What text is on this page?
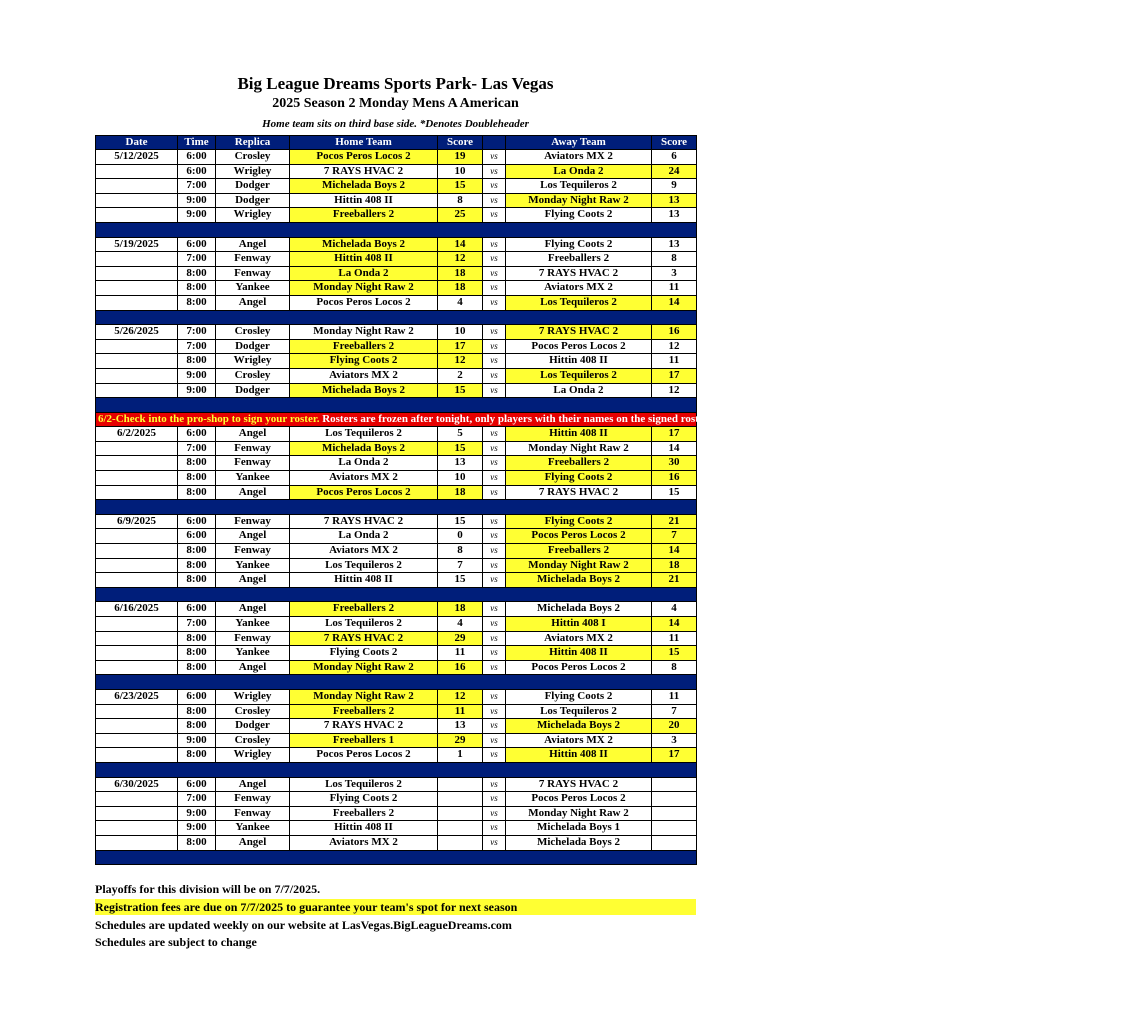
Big League Dreams Sports Park- Las Vegas
2025 Season 2 Monday Mens A American
Home team sits on third base side. *Denotes Doubleheader
Date	Time	Replica	Home Team	Score		Away Team	Score
5/12/2025	6:00	Crosley	Pocos Peros Locos 2	19	vs	Aviators MX 2	6
	6:00	Wrigley	7 RAYS HVAC 2	10	vs	La Onda 2	24
	7:00	Dodger	Michelada Boys 2	15	vs	Los Tequileros 2	9
	9:00	Dodger	Hittin 408 II	8	vs	Monday Night Raw 2	13
	9:00	Wrigley	Freeballers 2	25	vs	Flying Coots 2	13

5/19/2025	6:00	Angel	Michelada Boys 2	14	vs	Flying Coots 2	13
	7:00	Fenway	Hittin 408 II	12	vs	Freeballers 2	8
	8:00	Fenway	La Onda 2	18	vs	7 RAYS HVAC 2	3
	8:00	Yankee	Monday Night Raw 2	18	vs	Aviators MX 2	11
	8:00	Angel	Pocos Peros Locos 2	4	vs	Los Tequileros 2	14

5/26/2025	7:00	Crosley	Monday Night Raw 2	10	vs	7 RAYS HVAC 2	16
	7:00	Dodger	Freeballers 2	17	vs	Pocos Peros Locos 2	12
	8:00	Wrigley	Flying Coots 2	12	vs	Hittin 408 II	11
	9:00	Crosley	Aviators MX 2	2	vs	Los Tequileros 2	17
	9:00	Dodger	Michelada Boys 2	15	vs	La Onda 2	12

6/2-Check into the pro-shop to sign your roster. Rosters are frozen after tonight, only players with their names on the signed roster are eligible for playoffs. Please check carefully as changes will not be made for omissions.							
6/2/2025	6:00	Angel	Los Tequileros 2	5	vs	Hittin 408 II	17
	7:00	Fenway	Michelada Boys 2	15	vs	Monday Night Raw 2	14
	8:00	Fenway	La Onda 2	13	vs	Freeballers 2	30
	8:00	Yankee	Aviators MX 2	10	vs	Flying Coots 2	16
	8:00	Angel	Pocos Peros Locos 2	18	vs	7 RAYS HVAC 2	15

6/9/2025	6:00	Fenway	7 RAYS HVAC 2	15	vs	Flying Coots 2	21
	6:00	Angel	La Onda 2	0	vs	Pocos Peros Locos 2	7
	8:00	Fenway	Aviators MX 2	8	vs	Freeballers 2	14
	8:00	Yankee	Los Tequileros 2	7	vs	Monday Night Raw 2	18
	8:00	Angel	Hittin 408 II	15	vs	Michelada Boys 2	21

6/16/2025	6:00	Angel	Freeballers 2	18	vs	Michelada Boys 2	4
	7:00	Yankee	Los Tequileros 2	4	vs	Hittin 408 I	14
	8:00	Fenway	7 RAYS HVAC 2	29	vs	Aviators MX 2	11
	8:00	Yankee	Flying Coots 2	11	vs	Hittin 408 II	15
	8:00	Angel	Monday Night Raw 2	16	vs	Pocos Peros Locos 2	8

6/23/2025	6:00	Wrigley	Monday Night Raw 2	12	vs	Flying Coots 2	11
	8:00	Crosley	Freeballers 2	11	vs	Los Tequileros 2	7
	8:00	Dodger	7 RAYS HVAC 2	13	vs	Michelada Boys 2	20
	9:00	Crosley	Freeballers 1	29	vs	Aviators MX 2	3
	8:00	Wrigley	Pocos Peros Locos 2	1	vs	Hittin 408 II	17

6/30/2025	6:00	Angel	Los Tequileros 2		vs	7 RAYS HVAC 2	
	7:00	Fenway	Flying Coots 2		vs	Pocos Peros Locos 2	
	9:00	Fenway	Freeballers 2		vs	Monday Night Raw 2	
	9:00	Yankee	Hittin 408 II		vs	Michelada Boys 1	
	8:00	Angel	Aviators MX 2		vs	Michelada Boys 2	

Playoffs for this division will be on 7/7/2025.
Registration fees are due on 7/7/2025 to guarantee your team's spot for next season
Schedules are updated weekly on our website at LasVegas.BigLeagueDreams.com
Schedules are subject to change
